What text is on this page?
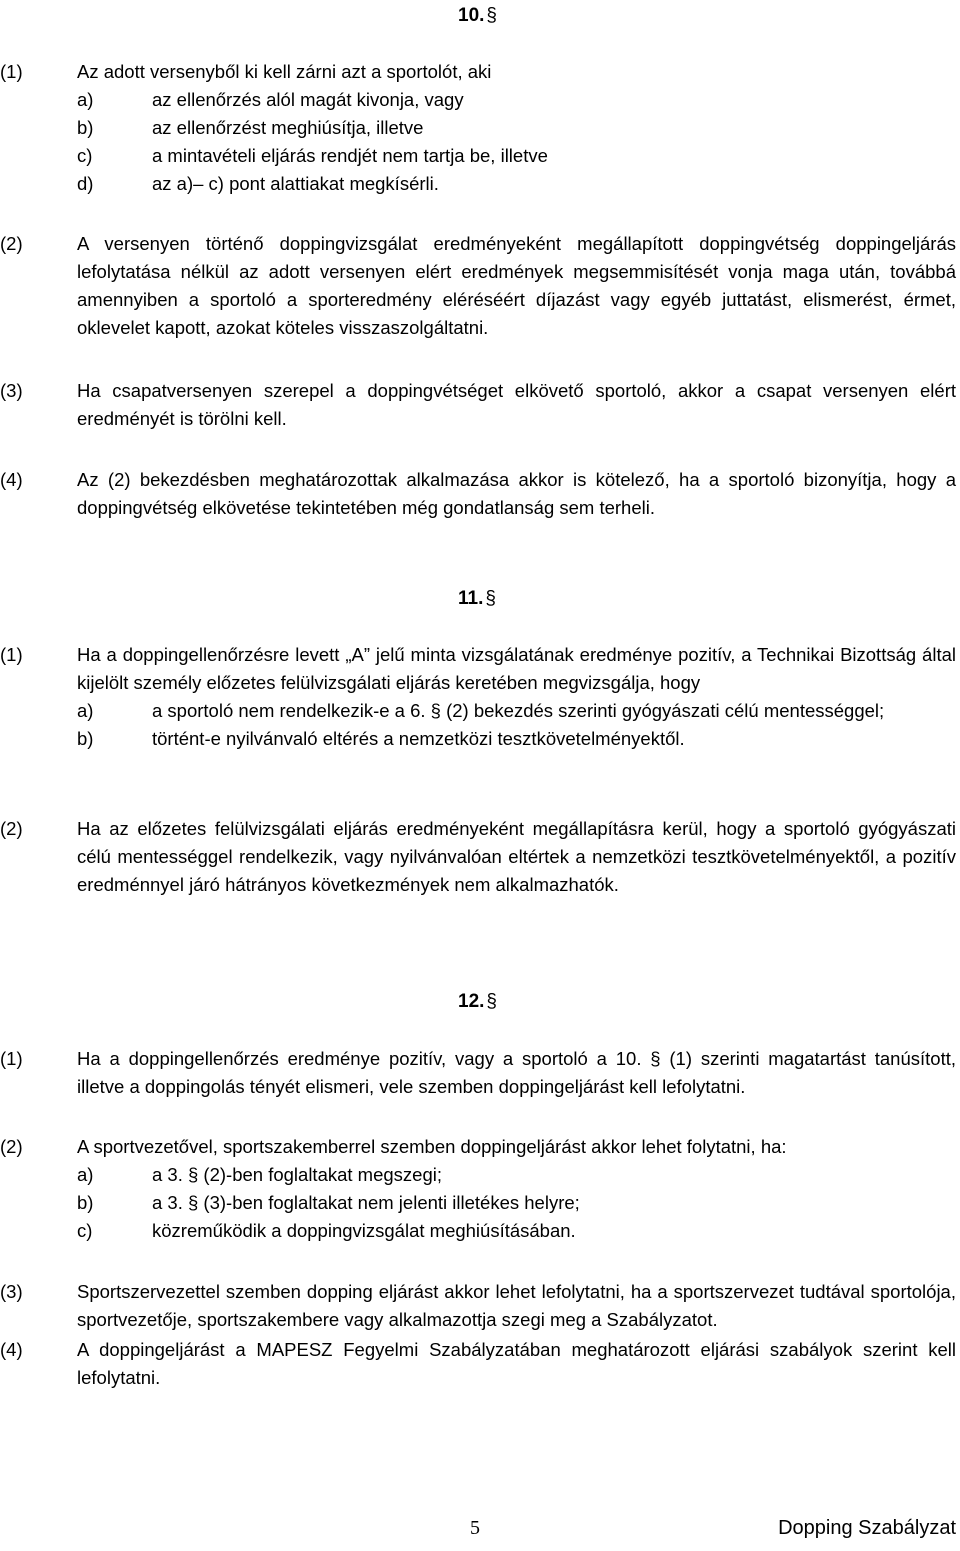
10. §
(1)	Az adott versenyből ki kell zárni azt a sportolót, aki
a)	az ellenőrzés alól magát kivonja, vagy
b)	az ellenőrzést meghiúsítja, illetve
c)	a mintavételi eljárás rendjét nem tartja be, illetve
d)	az a)– c) pont alattiakat megkísérli.
(2)	A versenyen történő doppingvizsgálat eredményeként megállapított doppingvétség doppingeljárás lefolytatása nélkül az adott versenyen elért eredmények megsemmisítését vonja maga után, továbbá amennyiben a sportoló a sporteredmény eléréséért díjazást vagy egyéb juttatást, elismerést, érmet, oklevelet kapott, azokat köteles visszaszolgáltatni.
(3)	Ha csapatversenyen szerepel a doppingvétséget elkövető sportoló, akkor a csapat versenyen elért eredményét is törölni kell.
(4)	Az (2) bekezdésben meghatározottak alkalmazása akkor is kötelező, ha a sportoló bizonyítja, hogy a doppingvétség elkövetése tekintetében még gondatlanság sem terheli.
11. §
(1)	Ha a doppingellenőrzésre levett „A” jelű minta vizsgálatának eredménye pozitív, a Technikai Bizottság által kijelölt személy előzetes felülvizsgálati eljárás keretében megvizsgálja, hogy
a)	a sportoló nem rendelkezik-e a 6. § (2) bekezdés szerinti gyógyászati célú mentességgel;
b)	történt-e nyilvánvaló eltérés a nemzetközi tesztkövetelményektől.
(2)	Ha az előzetes felülvizsgálati eljárás eredményeként megállapításra kerül, hogy a sportoló gyógyászati célú mentességgel rendelkezik, vagy nyilvánvalóan eltértek a nemzetközi tesztkövetelményektől, a pozitív eredménnyel járó hátrányos következmények nem alkalmazhatók.
12. §
(1)	Ha a doppingellenőrzés eredménye pozitív, vagy a sportoló a 10. § (1) szerinti magatartást tanúsított, illetve a doppingolás tényét elismeri, vele szemben doppingeljárást kell lefolytatni.
(2)	A sportvezetővel, sportszakemberrel szemben doppingeljárást akkor lehet folytatni, ha:
a)	a 3. § (2)-ben foglaltakat megszegi;
b)	a 3. § (3)-ben foglaltakat nem jelenti illetékes helyre;
c)	közreműködik a doppingvizsgálat meghiúsításában.
(3)	Sportszervezettel szemben dopping eljárást akkor lehet lefolytatni, ha a sportszervezet tudtával sportolója, sportvezetője, sportszakembere vagy alkalmazottja szegi meg a Szabályzatot.
(4)	A doppingeljárást a MAPESZ Fegyelmi Szabályzatában meghatározott eljárási szabályok szerint kell lefolytatni.
5	Dopping Szabályzat
